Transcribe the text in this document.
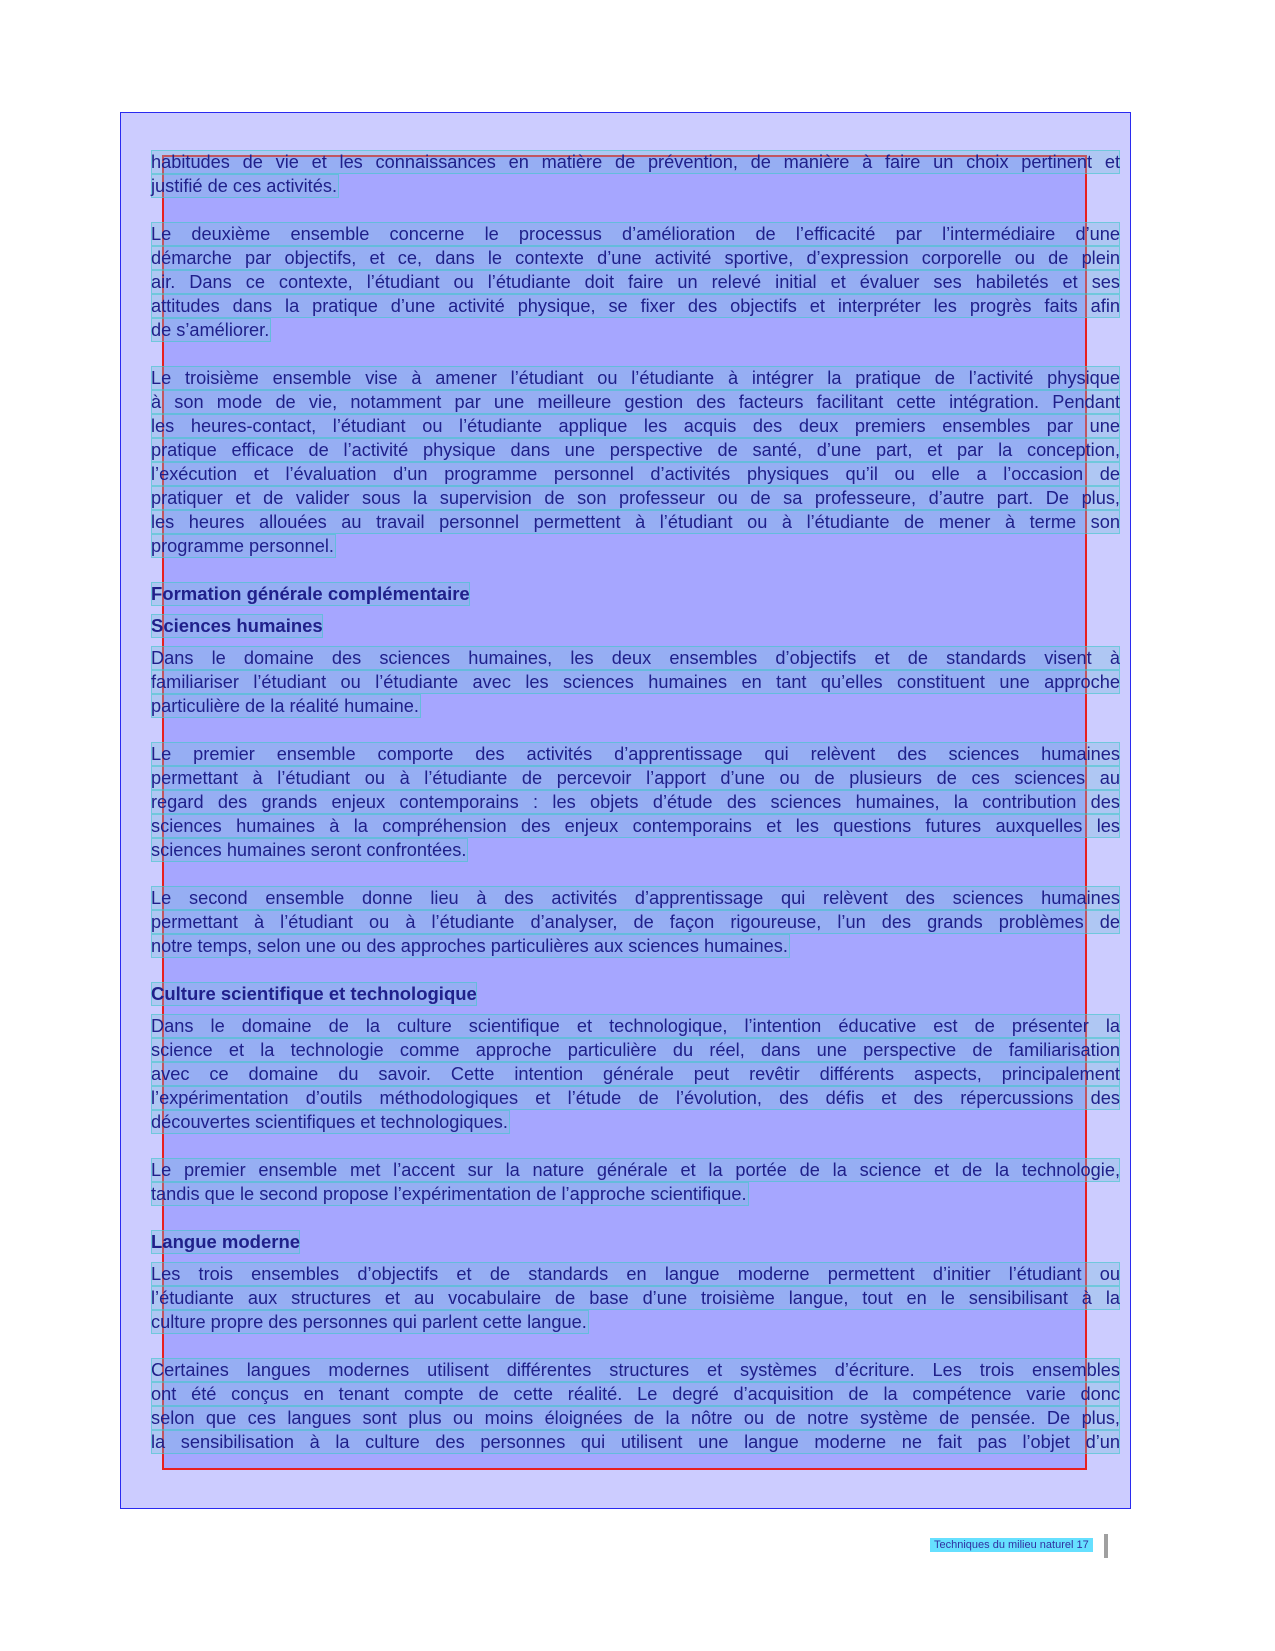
habitudes de vie et les connaissances en matière de prévention, de manière à faire un choix pertinent et
justifié de ces activités.
Le deuxième ensemble concerne le processus d’amélioration de l’efficacité par l’intermédiaire d’une
démarche par objectifs, et ce, dans le contexte d’une activité sportive, d’expression corporelle ou de plein
air. Dans ce contexte, l’étudiant ou l’étudiante doit faire un relevé initial et évaluer ses habiletés et ses
attitudes dans la pratique d’une activité physique, se fixer des objectifs et interpréter les progrès faits afin
de s’améliorer.
Le troisième ensemble vise à amener l’étudiant ou l’étudiante à intégrer la pratique de l’activité physique
à son mode de vie, notamment par une meilleure gestion des facteurs facilitant cette intégration. Pendant
les heures-contact, l’étudiant ou l’étudiante applique les acquis des deux premiers ensembles par une
pratique efficace de l’activité physique dans une perspective de santé, d’une part, et par la conception,
l’exécution et l’évaluation d’un programme personnel d’activités physiques qu’il ou elle a l’occasion de
pratiquer et de valider sous la supervision de son professeur ou de sa professeure, d’autre part. De plus,
les heures allouées au travail personnel permettent à l’étudiant ou à l’étudiante de mener à terme son
programme personnel.
Formation générale complémentaire
Sciences humaines
Dans le domaine des sciences humaines, les deux ensembles d’objectifs et de standards visent à
familiariser l’étudiant ou l’étudiante avec les sciences humaines en tant qu’elles constituent une approche
particulière de la réalité humaine.
Le premier ensemble comporte des activités d’apprentissage qui relèvent des sciences humaines
permettant à l’étudiant ou à l’étudiante de percevoir l’apport d’une ou de plusieurs de ces sciences au
regard des grands enjeux contemporains : les objets d’étude des sciences humaines, la contribution des
sciences humaines à la compréhension des enjeux contemporains et les questions futures auxquelles les
sciences humaines seront confrontées.
Le second ensemble donne lieu à des activités d’apprentissage qui relèvent des sciences humaines
permettant à l’étudiant ou à l’étudiante d’analyser, de façon rigoureuse, l’un des grands problèmes de
notre temps, selon une ou des approches particulières aux sciences humaines.
Culture scientifique et technologique
Dans le domaine de la culture scientifique et technologique, l’intention éducative est de présenter la
science et la technologie comme approche particulière du réel, dans une perspective de familiarisation
avec ce domaine du savoir. Cette intention générale peut revêtir différents aspects, principalement
l’expérimentation d’outils méthodologiques et l’étude de l’évolution, des défis et des répercussions des
découvertes scientifiques et technologiques.
Le premier ensemble met l’accent sur la nature générale et la portée de la science et de la technologie,
tandis que le second propose l’expérimentation de l’approche scientifique.
Langue moderne
Les trois ensembles d’objectifs et de standards en langue moderne permettent d’initier l’étudiant ou
l’étudiante aux structures et au vocabulaire de base d’une troisième langue, tout en le sensibilisant à la
culture propre des personnes qui parlent cette langue.
Certaines langues modernes utilisent différentes structures et systèmes d’écriture. Les trois ensembles
ont été conçus en tenant compte de cette réalité. Le degré d’acquisition de la compétence varie donc
selon que ces langues sont plus ou moins éloignées de la nôtre ou de notre système de pensée. De plus,
la sensibilisation à la culture des personnes qui utilisent une langue moderne ne fait pas l’objet d’un
Techniques du milieu naturel 17
